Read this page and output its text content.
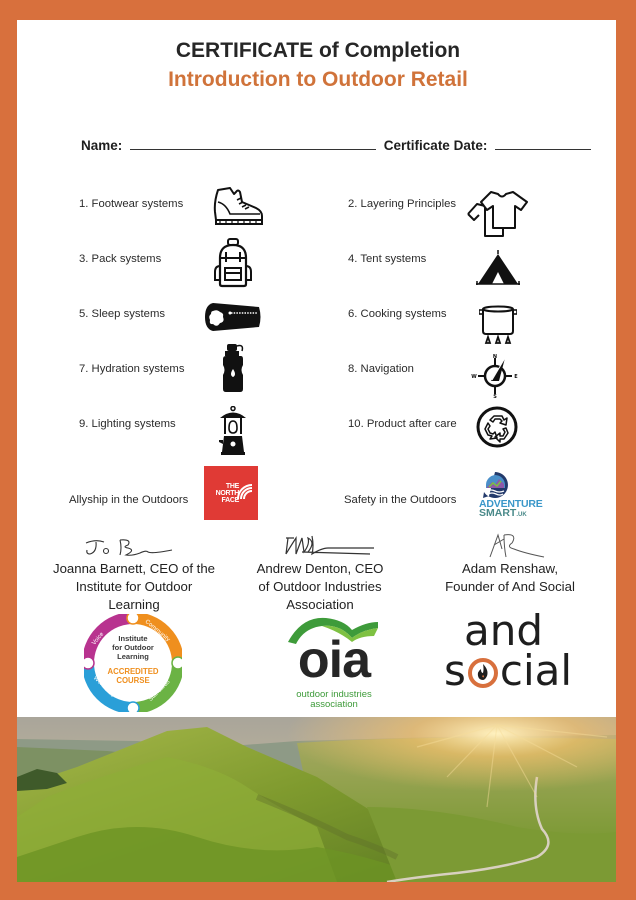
CERTIFICATE of Completion
Introduction to Outdoor Retail
Name:	Certificate Date:
1. Footwear systems	2. Layering Principles
3. Pack systems	4. Tent systems
5. Sleep systems	6. Cooking systems
7. Hydration systems	8. Navigation
9. Lighting systems	10. Product after care
Allyship in the Outdoors	Safety in the Outdoors
N
S
W	E
THE
NORTH
FACE	ADVENTURE
SMART.UK
Joanna Barnett, CEO of the
Institute for Outdoor
Learning
Andrew Denton, CEO
of Outdoor Industries
Association
Adam Renshaw,
Founder of And Social
Institute
for Outdoor
Learning
ACCREDITED
COURSE
Voice	Community
Standards
Workforce	oia
outdoor industries
association
and
s cial
